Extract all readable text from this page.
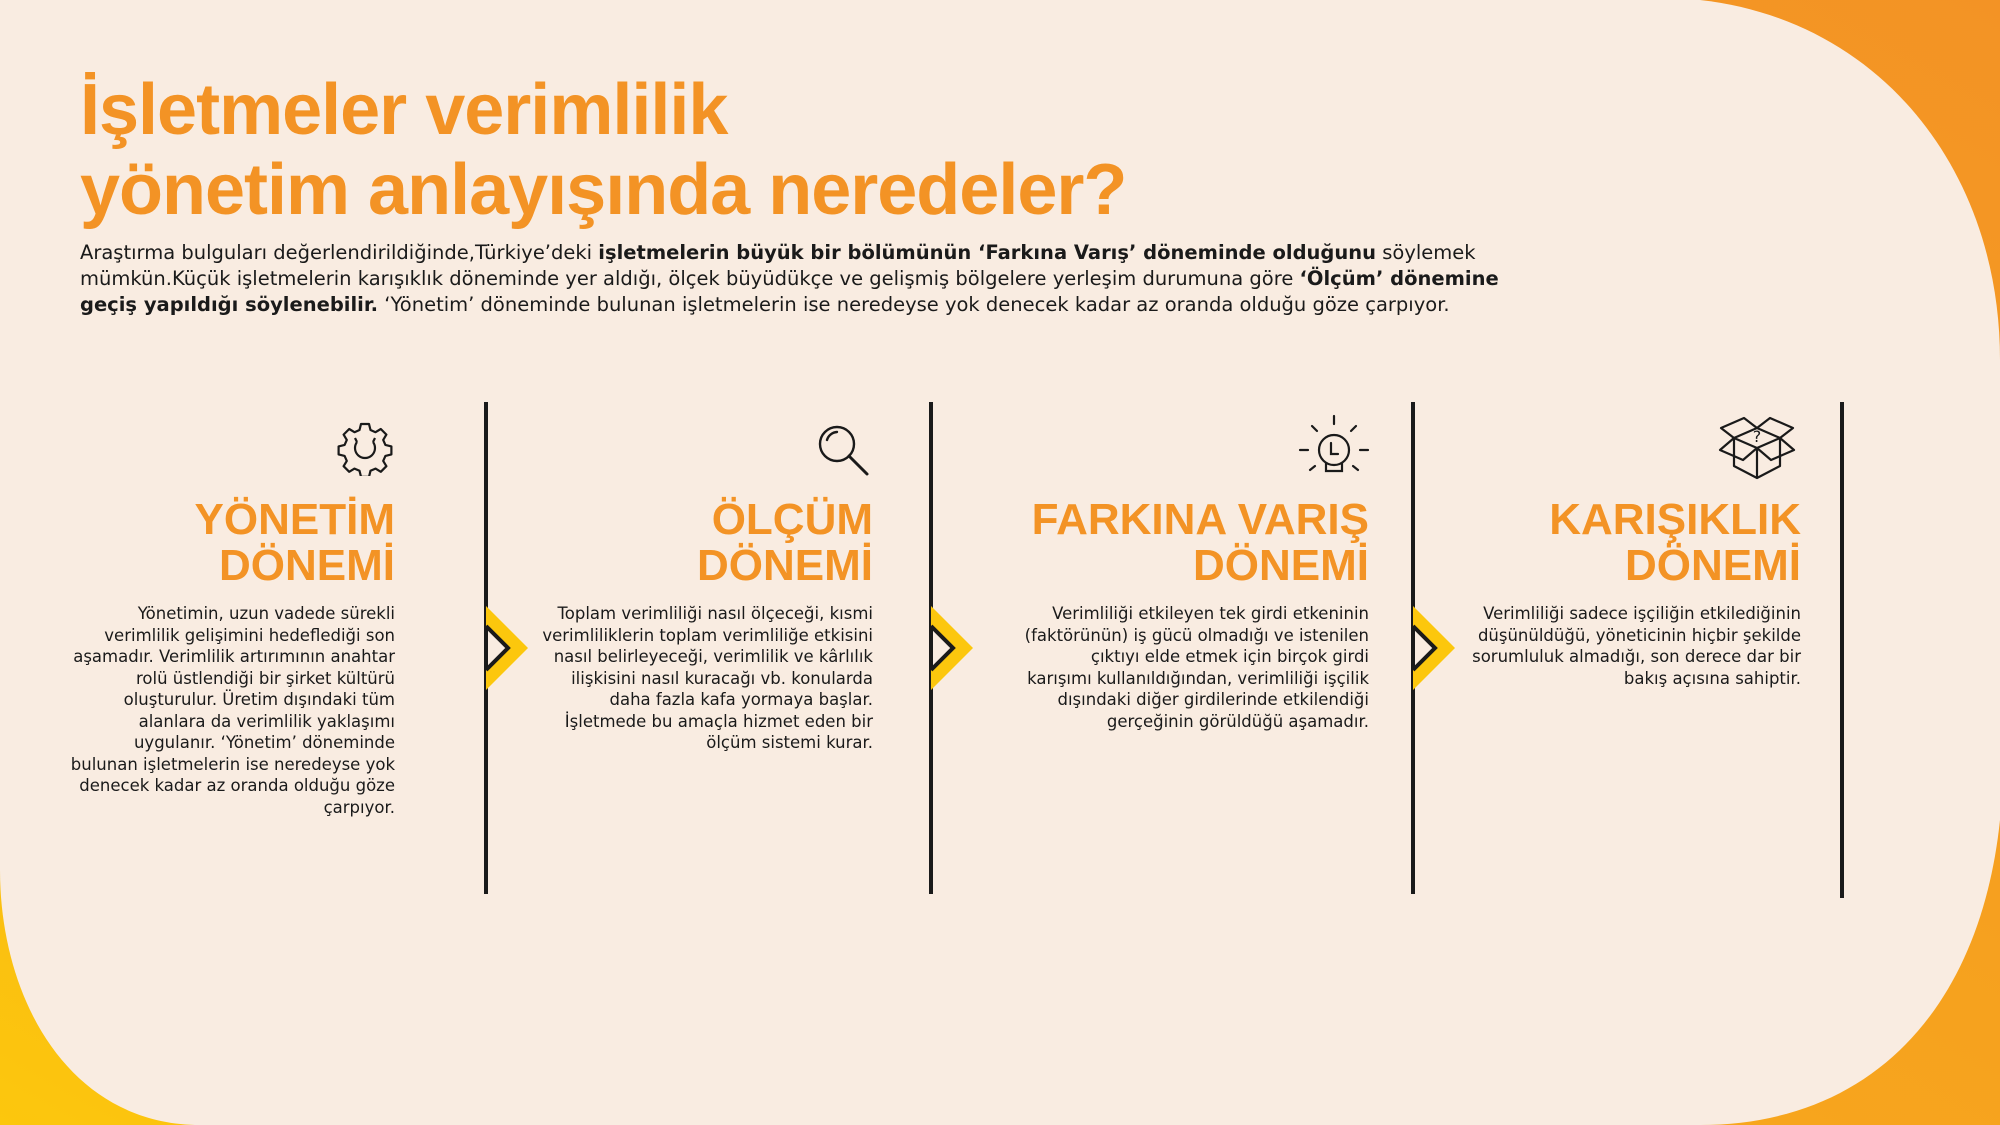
İşletmeler verimlilik
yönetim anlayışında neredeler?

Araştırma bulguları değerlendirildiğinde,Türkiye’deki işletmelerin büyük bir bölümünün ‘Farkına Varış’ döneminde olduğunu söylemek mümkün.Küçük işletmelerin karışıklık döneminde yer aldığı, ölçek büyüdükçe ve gelişmiş bölgelere yerleşim durumuna göre ‘Ölçüm’ dönemine geçiş yapıldığı söylenebilir. ‘Yönetim’ döneminde bulunan işletmelerin ise neredeyse yok denecek kadar az oranda olduğu göze çarpıyor.

YÖNETİM
DÖNEMİ

Yönetimin, uzun vadede sürekli verimlilik gelişimini hedeflediği son aşamadır. Verimlilik artırımının anahtar rolü üstlendiği bir şirket kültürü oluşturulur. Üretim dışındaki tüm alanlara da verimlilik yaklaşımı uygulanır. ‘Yönetim’ döneminde bulunan işletmelerin ise neredeyse yok denecek kadar az oranda olduğu göze çarpıyor.

ÖLÇÜM
DÖNEMİ

Toplam verimliliği nasıl ölçeceği, kısmi verimliliklerin toplam verimliliğe etkisini nasıl belirleyeceği, verimlilik ve kârlılık ilişkisini nasıl kuracağı vb. konularda daha fazla kafa yormaya başlar. İşletmede bu amaçla hizmet eden bir ölçüm sistemi kurar.

FARKINA VARIŞ
DÖNEMİ

Verimliliği etkileyen tek girdi etkeninin (faktörünün) iş gücü olmadığı ve istenilen çıktıyı elde etmek için birçok girdi karışımı kullanıldığından, verimliliği işçilik dışındaki diğer girdilerinde etkilendiği gerçeğinin görüldüğü aşamadır.

?
KARIŞIKLIK
DÖNEMİ

Verimliliği sadece işçiliğin etkilediğinin düşünüldüğü, yöneticinin hiçbir şekilde sorumluluk almadığı, son derece dar bir bakış açısına sahiptir.
